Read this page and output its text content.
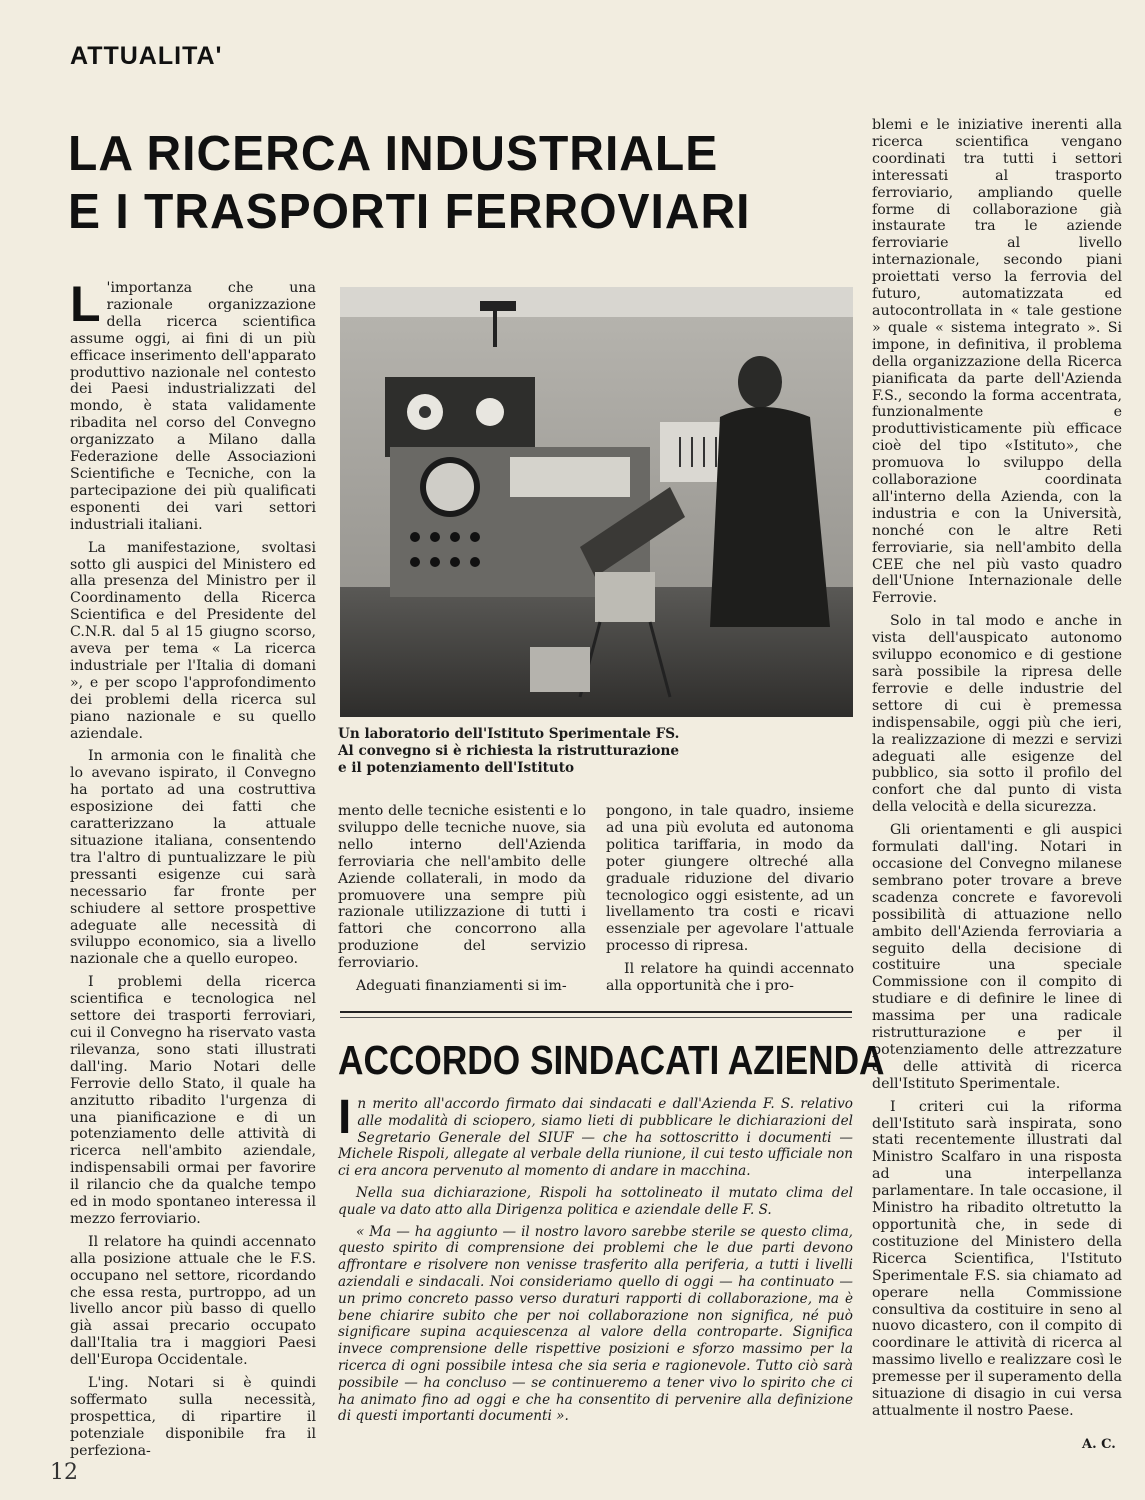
ATTUALITA'
LA RICERCA INDUSTRIALE
E I TRASPORTI FERROVIARI

L 'importanza che una razionale organizzazione della ricerca scientifica assume oggi, ai fini di un più efficace inserimento dell'apparato produttivo nazionale nel contesto dei Paesi industrializzati del mondo, è stata validamente ribadita nel corso del Convegno organizzato a Milano dalla Federazione delle Associazioni Scientifiche e Tecniche, con la partecipazione dei più qualificati esponenti dei vari settori industriali italiani.

La manifestazione, svoltasi sotto gli auspici del Ministero ed alla presenza del Ministro per il Coordinamento della Ricerca Scientifica e del Presidente del C.N.R. dal 5 al 15 giugno scorso, aveva per tema « La ricerca industriale per l'Italia di domani », e per scopo l'approfondimento dei problemi della ricerca sul piano nazionale e su quello aziendale.

In armonia con le finalità che lo avevano ispirato, il Convegno ha portato ad una costruttiva esposizione dei fatti che caratterizzano la attuale situazione italiana, consentendo tra l'altro di puntualizzare le più pressanti esigenze cui sarà necessario far fronte per schiudere al settore prospettive adeguate alle necessità di sviluppo economico, sia a livello nazionale che a quello europeo.

I problemi della ricerca scientifica e tecnologica nel settore dei trasporti ferroviari, cui il Convegno ha riservato vasta rilevanza, sono stati illustrati dall'ing. Mario Notari delle Ferrovie dello Stato, il quale ha anzitutto ribadito l'urgenza di una pianificazione e di un potenziamento delle attività di ricerca nell'ambito aziendale, indispensabili ormai per favorire il rilancio che da qualche tempo ed in modo spontaneo interessa il mezzo ferroviario.

Il relatore ha quindi accennato alla posizione attuale che le F.S. occupano nel settore, ricordando che essa resta, purtroppo, ad un livello ancor più basso di quello già assai precario occupato dall'Italia tra i maggiori Paesi dell'Europa Occidentale.

L'ing. Notari si è quindi soffermato sulla necessità, prospettica, di ripartire il potenziale disponibile fra il perfeziona-

Un laboratorio dell'Istituto Sperimentale FS.
Al convegno si è richiesta la ristrutturazione
e il potenziamento dell'Istituto

mento delle tecniche esistenti e lo sviluppo delle tecniche nuove, sia nello interno dell'Azienda ferroviaria che nell'ambito delle Aziende collaterali, in modo da promuovere una sempre più razionale utilizzazione di tutti i fattori che concorrono alla produzione del servizio ferroviario.

Adeguati finanziamenti si im-

pongono, in tale quadro, insieme ad una più evoluta ed autonoma politica tariffaria, in modo da poter giungere oltreché alla graduale riduzione del divario tecnologico oggi esistente, ad un livellamento tra costi e ricavi essenziale per agevolare l'attuale processo di ripresa.

Il relatore ha quindi accennato alla opportunità che i pro-

blemi e le iniziative inerenti alla ricerca scientifica vengano coordinati tra tutti i settori interessati al trasporto ferroviario, ampliando quelle forme di collaborazione già instaurate tra le aziende ferroviarie al livello internazionale, secondo piani proiettati verso la ferrovia del futuro, automatizzata ed autocontrollata in « tale gestione » quale « sistema integrato ». Si impone, in definitiva, il problema della organizzazione della Ricerca pianificata da parte dell'Azienda F.S., secondo la forma accentrata, funzionalmente e produttivisticamente più efficace cioè del tipo «Istituto», che promuova lo sviluppo della collaborazione coordinata all'interno della Azienda, con la industria e con la Università, nonché con le altre Reti ferroviarie, sia nell'ambito della CEE che nel più vasto quadro dell'Unione Internazionale delle Ferrovie.

Solo in tal modo e anche in vista dell'auspicato autonomo sviluppo economico e di gestione sarà possibile la ripresa delle ferrovie e delle industrie del settore di cui è premessa indispensabile, oggi più che ieri, la realizzazione di mezzi e servizi adeguati alle esigenze del pubblico, sia sotto il profilo del confort che dal punto di vista della velocità e della sicurezza.

Gli orientamenti e gli auspici formulati dall'ing. Notari in occasione del Convegno milanese sembrano poter trovare a breve scadenza concrete e favorevoli possibilità di attuazione nello ambito dell'Azienda ferroviaria a seguito della decisione di costituire una speciale Commissione con il compito di studiare e di definire le linee di massima per una radicale ristrutturazione e per il potenziamento delle attrezzature e delle attività di ricerca dell'Istituto Sperimentale.

I criteri cui la riforma dell'Istituto sarà inspirata, sono stati recentemente illustrati dal Ministro Scalfaro in una risposta ad una interpellanza parlamentare. In tale occasione, il Ministro ha ribadito oltretutto la opportunità che, in sede di costituzione del Ministero della Ricerca Scientifica, l'Istituto Sperimentale F.S. sia chiamato ad operare nella Commissione consultiva da costituire in seno al nuovo dicastero, con il compito di coordinare le attività di ricerca al massimo livello e realizzare così le premesse per il superamento della situazione di disagio in cui versa attualmente il nostro Paese.

A. C.
ACCORDO SINDACATI AZIENDA

In merito all'accordo firmato dai sindacati e dall'Azienda F. S. relativo alle modalità di sciopero, siamo lieti di pubblicare le dichiarazioni del Segretario Generale del SIUF — che ha sottoscritto i documenti — Michele Rispoli, allegate al verbale della riunione, il cui testo ufficiale non ci era ancora pervenuto al momento di andare in macchina.

Nella sua dichiarazione, Rispoli ha sottolineato il mutato clima del quale va dato atto alla Dirigenza politica e aziendale delle F. S.

« Ma — ha aggiunto — il nostro lavoro sarebbe sterile se questo clima, questo spirito di comprensione dei problemi che le due parti devono affrontare e risolvere non venisse trasferito alla periferia, a tutti i livelli aziendali e sindacali. Noi consideriamo quello di oggi — ha continuato — un primo concreto passo verso duraturi rapporti di collaborazione, ma è bene chiarire subito che per noi collaborazione non significa, né può significare supina acquiescenza al valore della controparte. Significa invece comprensione delle rispettive posizioni e sforzo massimo per la ricerca di ogni possibile intesa che sia seria e ragionevole. Tutto ciò sarà possibile — ha concluso — se continueremo a tener vivo lo spirito che ci ha animato fino ad oggi e che ha consentito di pervenire alla definizione di questi importanti documenti ».

12
